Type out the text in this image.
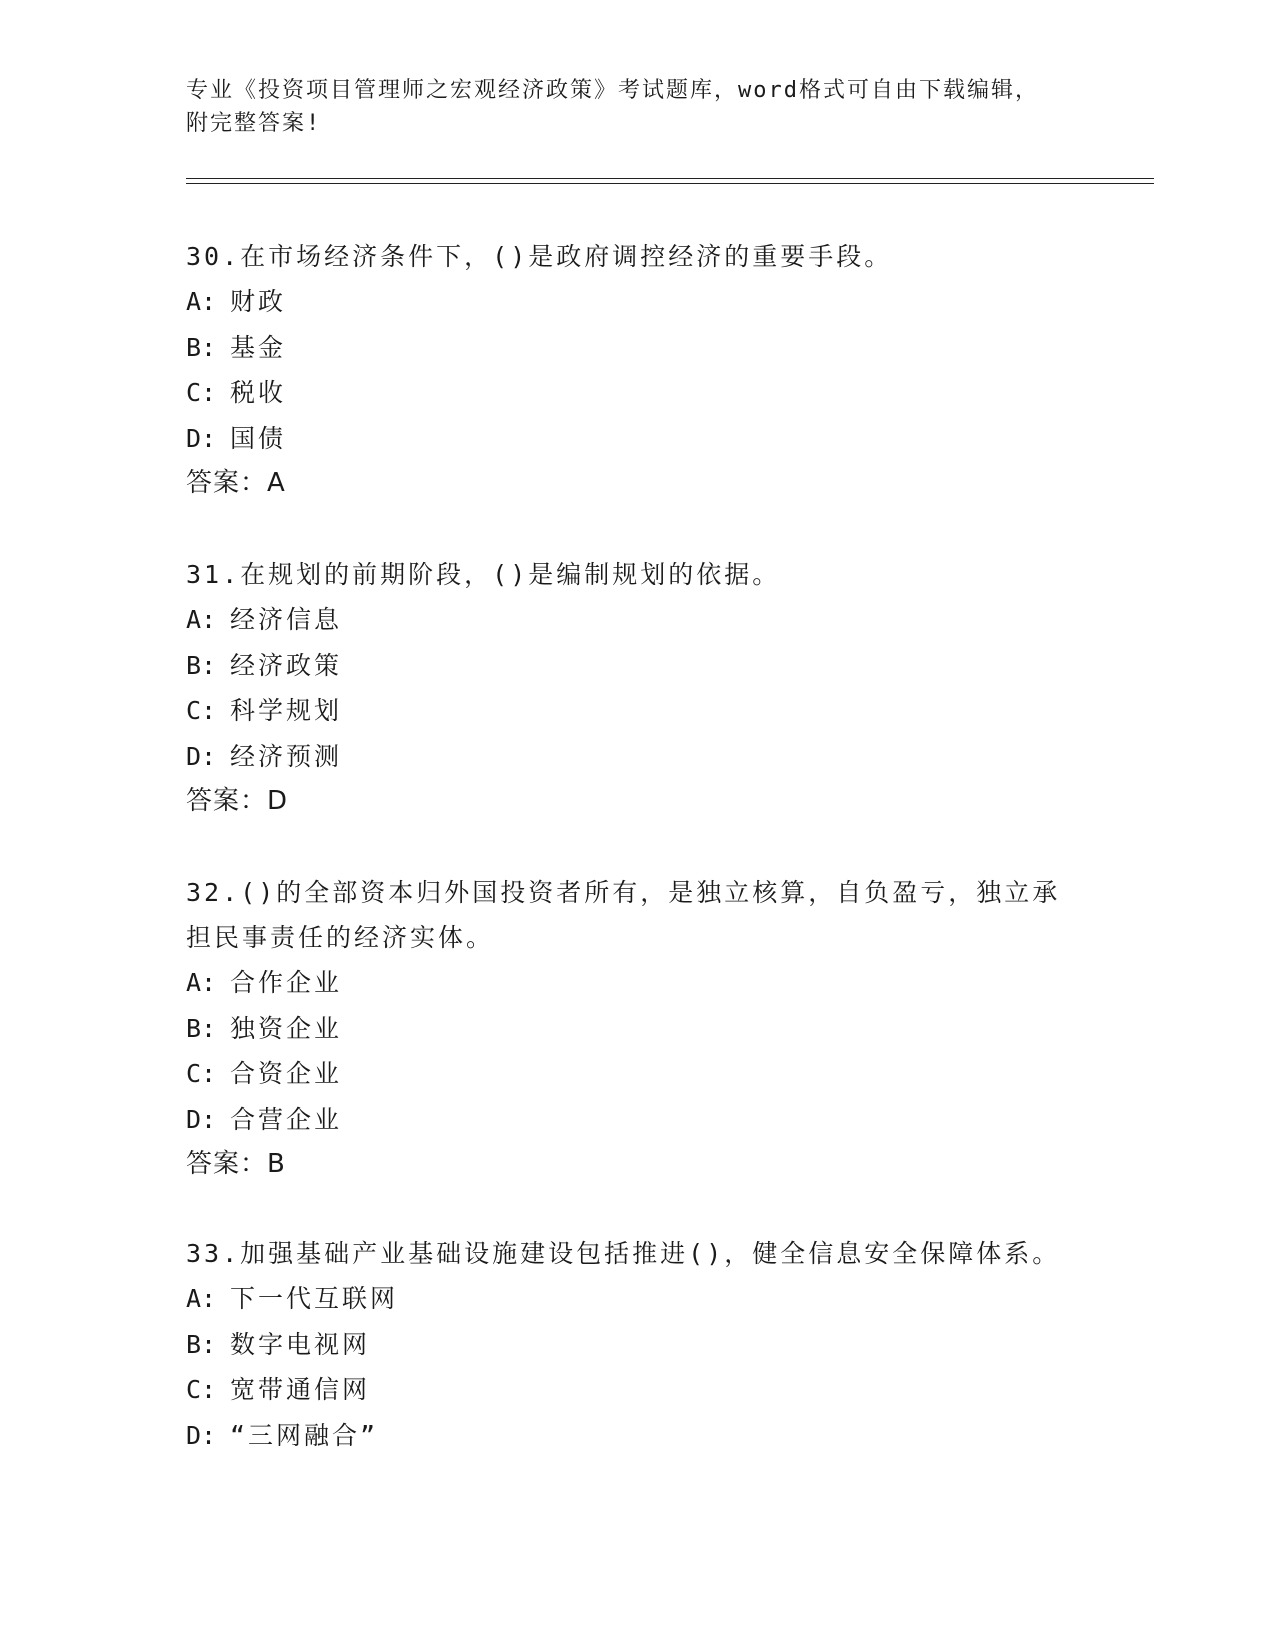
专业《投资项目管理师之宏观经济政策》考试题库，word格式可自由下载编辑，
附完整答案!

30.在市场经济条件下，()是政府调控经济的重要手段。

A: 财政

B: 基金

C: 税收

D: 国债

答案：A

31.在规划的前期阶段，()是编制规划的依据。

A: 经济信息

B: 经济政策

C: 科学规划

D: 经济预测

答案：D

32.()的全部资本归外国投资者所有，是独立核算，自负盈亏，独立承

担民事责任的经济实体。

A: 合作企业

B: 独资企业

C: 合资企业

D: 合营企业

答案：B

33.加强基础产业基础设施建设包括推进()，健全信息安全保障体系。

A: 下一代互联网

B: 数字电视网

C: 宽带通信网

D: “三网融合”
